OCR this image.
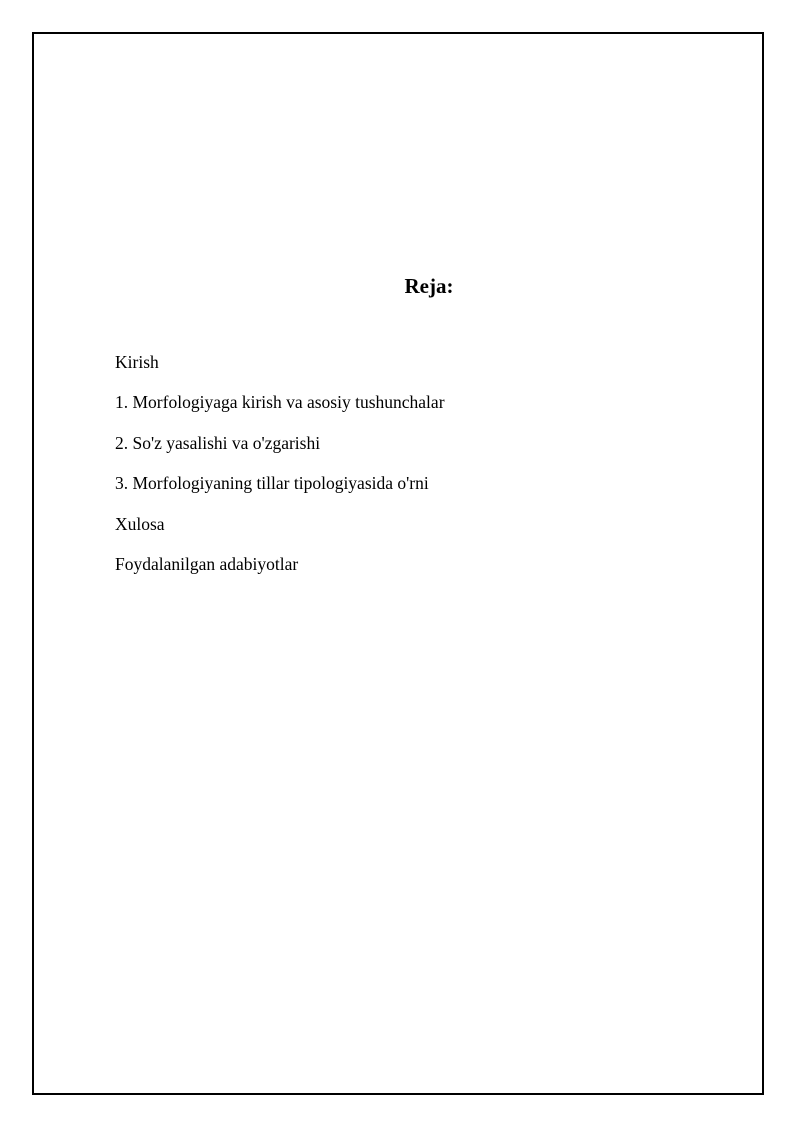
Reja:
Kirish
1. Morfologiyaga kirish va asosiy tushunchalar
2. So'z yasalishi va o'zgarishi
3. Morfologiyaning tillar tipologiyasida o'rni
Xulosa
Foydalanilgan adabiyotlar
